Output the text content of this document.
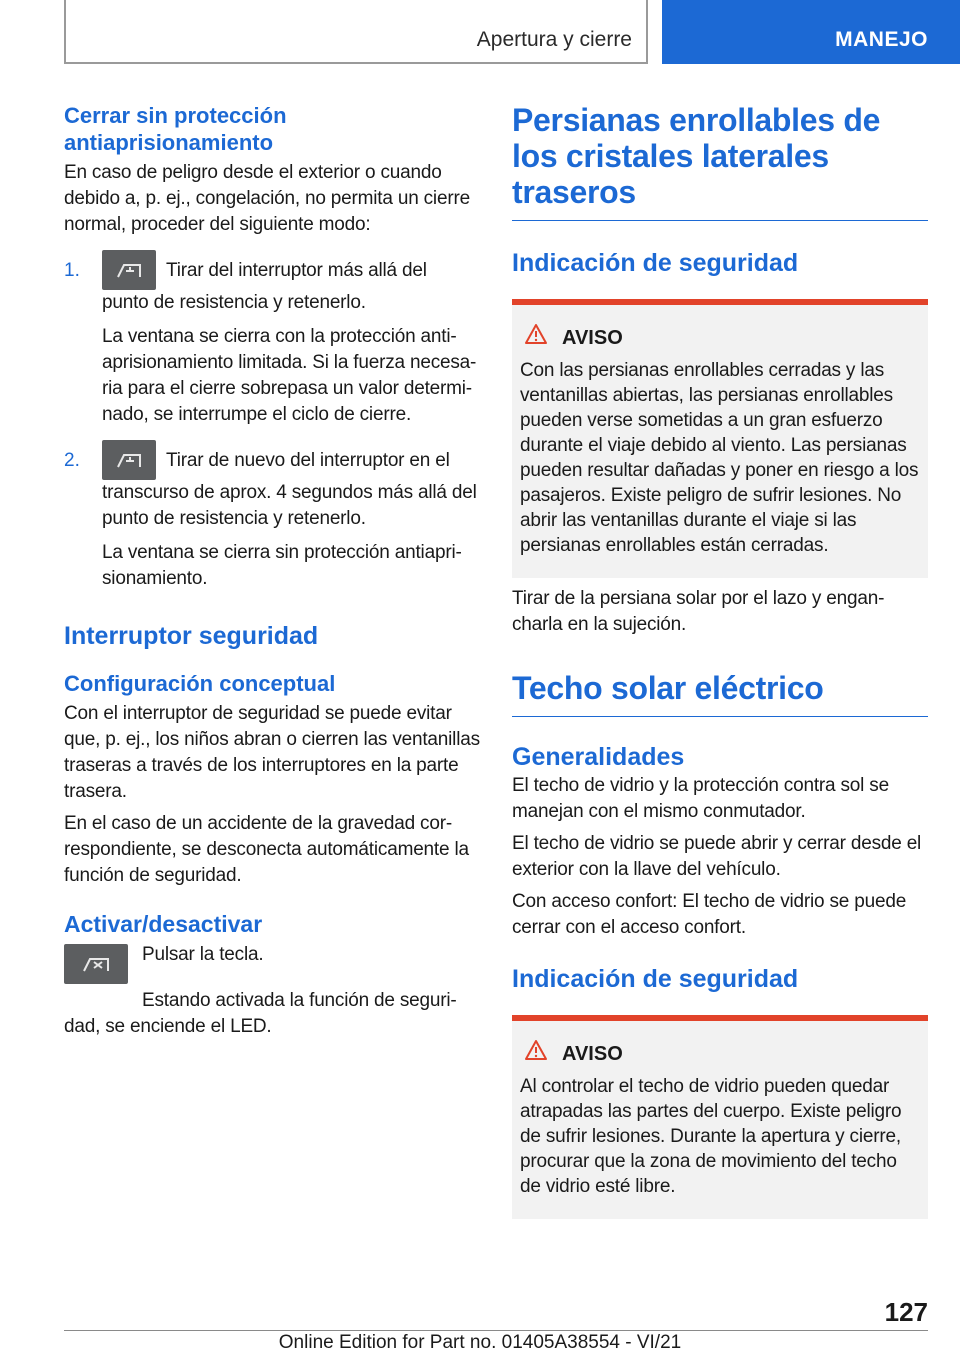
Apertura y cierre	MANEJO
Cerrar sin protección antiaprisionamiento

En caso de peligro desde el exterior o cuando debido a, p. ej., congelación, no permita un cierre normal, proceder del siguiente modo:

1.	Tirar del interruptor más allá del

punto de resistencia y retenerlo.

La ventana se cierra con la protección antiaprisionamiento limitada. Si la fuerza necesaria para el cierre sobrepasa un valor determinado, se interrumpe el ciclo de cierre.

2.	Tirar de nuevo del interruptor en el

transcurso de aprox. 4 segundos más allá del punto de resistencia y retenerlo.

La ventana se cierra sin protección antiaprisionamiento.

Interruptor seguridad
Configuración conceptual

Con el interruptor de seguridad se puede evitar que, p. ej., los niños abran o cierren las ventanillas traseras a través de los interruptores en la parte trasera.

En el caso de un accidente de la gravedad correspondiente, se desconecta automáticamente la función de seguridad.

Activar/desactivar

Pulsar la tecla.

Estando activada la función de seguridad, se enciende el LED.

Persianas enrollables de los cristales laterales traseros
Indicación de seguridad
AVISO

Con las persianas enrollables cerradas y las ventanillas abiertas, las persianas enrollables pueden verse sometidas a un gran esfuerzo durante el viaje debido al viento. Las persianas pueden resultar dañadas y poner en riesgo a los pasajeros. Existe peligro de sufrir lesiones. No abrir las ventanillas durante el viaje si las persianas enrollables están cerradas.

Tirar de la persiana solar por el lazo y engancharla en la sujeción.

Techo solar eléctrico
Generalidades

El techo de vidrio y la protección contra sol se manejan con el mismo conmutador.

El techo de vidrio se puede abrir y cerrar desde el exterior con la llave del vehículo.

Con acceso confort: El techo de vidrio se puede cerrar con el acceso confort.

Indicación de seguridad
AVISO

Al controlar el techo de vidrio pueden quedar atrapadas las partes del cuerpo. Existe peligro de sufrir lesiones. Durante la apertura y cierre, procurar que la zona de movimiento del techo de vidrio esté libre.

127
Online Edition for Part no. 01405A38554 - VI/21
